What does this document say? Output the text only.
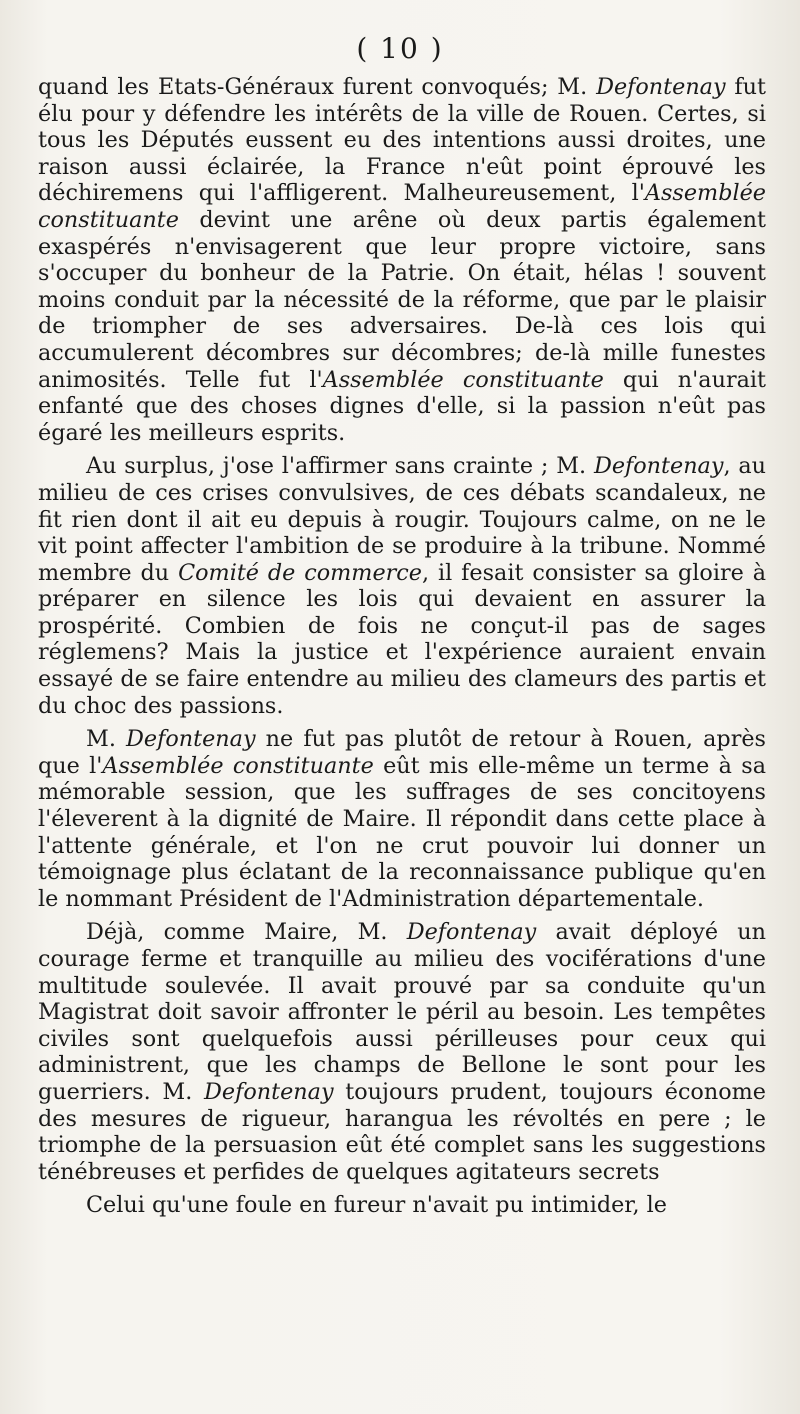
( 10 )

quand les Etats-Généraux furent convoqués; M. Defontenay fut élu pour y défendre les intérêts de la ville de Rouen. Certes, si tous les Députés eussent eu des intentions aussi droites, une raison aussi éclairée, la France n'eût point éprouvé les déchiremens qui l'affligerent. Malheureusement, l'Assemblée constituante devint une arêne où deux partis également exaspérés n'envisagerent que leur propre victoire, sans s'occuper du bonheur de la Patrie. On était, hélas ! souvent moins conduit par la nécessité de la réforme, que par le plaisir de triompher de ses adversaires. De-là ces lois qui accumulerent décombres sur décombres; de-là mille funestes animosités. Telle fut l'Assemblée constituante qui n'aurait enfanté que des choses dignes d'elle, si la passion n'eût pas égaré les meilleurs esprits.

Au surplus, j'ose l'affirmer sans crainte ; M. Defontenay, au milieu de ces crises convulsives, de ces débats scandaleux, ne fit rien dont il ait eu depuis à rougir. Toujours calme, on ne le vit point affecter l'ambition de se produire à la tribune. Nommé membre du Comité de commerce, il fesait consister sa gloire à préparer en silence les lois qui devaient en assurer la prospérité. Combien de fois ne conçut-il pas de sages réglemens? Mais la justice et l'expérience auraient envain essayé de se faire entendre au milieu des clameurs des partis et du choc des passions.

M. Defontenay ne fut pas plutôt de retour à Rouen, après que l'Assemblée constituante eût mis elle-même un terme à sa mémorable session, que les suffrages de ses concitoyens l'éleverent à la dignité de Maire. Il répondit dans cette place à l'attente générale, et l'on ne crut pouvoir lui donner un témoignage plus éclatant de la reconnaissance publique qu'en le nommant Président de l'Administration départementale.

Déjà, comme Maire, M. Defontenay avait déployé un courage ferme et tranquille au milieu des vociférations d'une multitude soulevée. Il avait prouvé par sa conduite qu'un Magistrat doit savoir affronter le péril au besoin. Les tempêtes civiles sont quelquefois aussi périlleuses pour ceux qui administrent, que les champs de Bellone le sont pour les guerriers. M. Defontenay toujours prudent, toujours économe des mesures de rigueur, harangua les révoltés en pere ; le triomphe de la persuasion eût été complet sans les suggestions ténébreuses et perfides de quelques agitateurs secrets

Celui qu'une foule en fureur n'avait pu intimider, le
